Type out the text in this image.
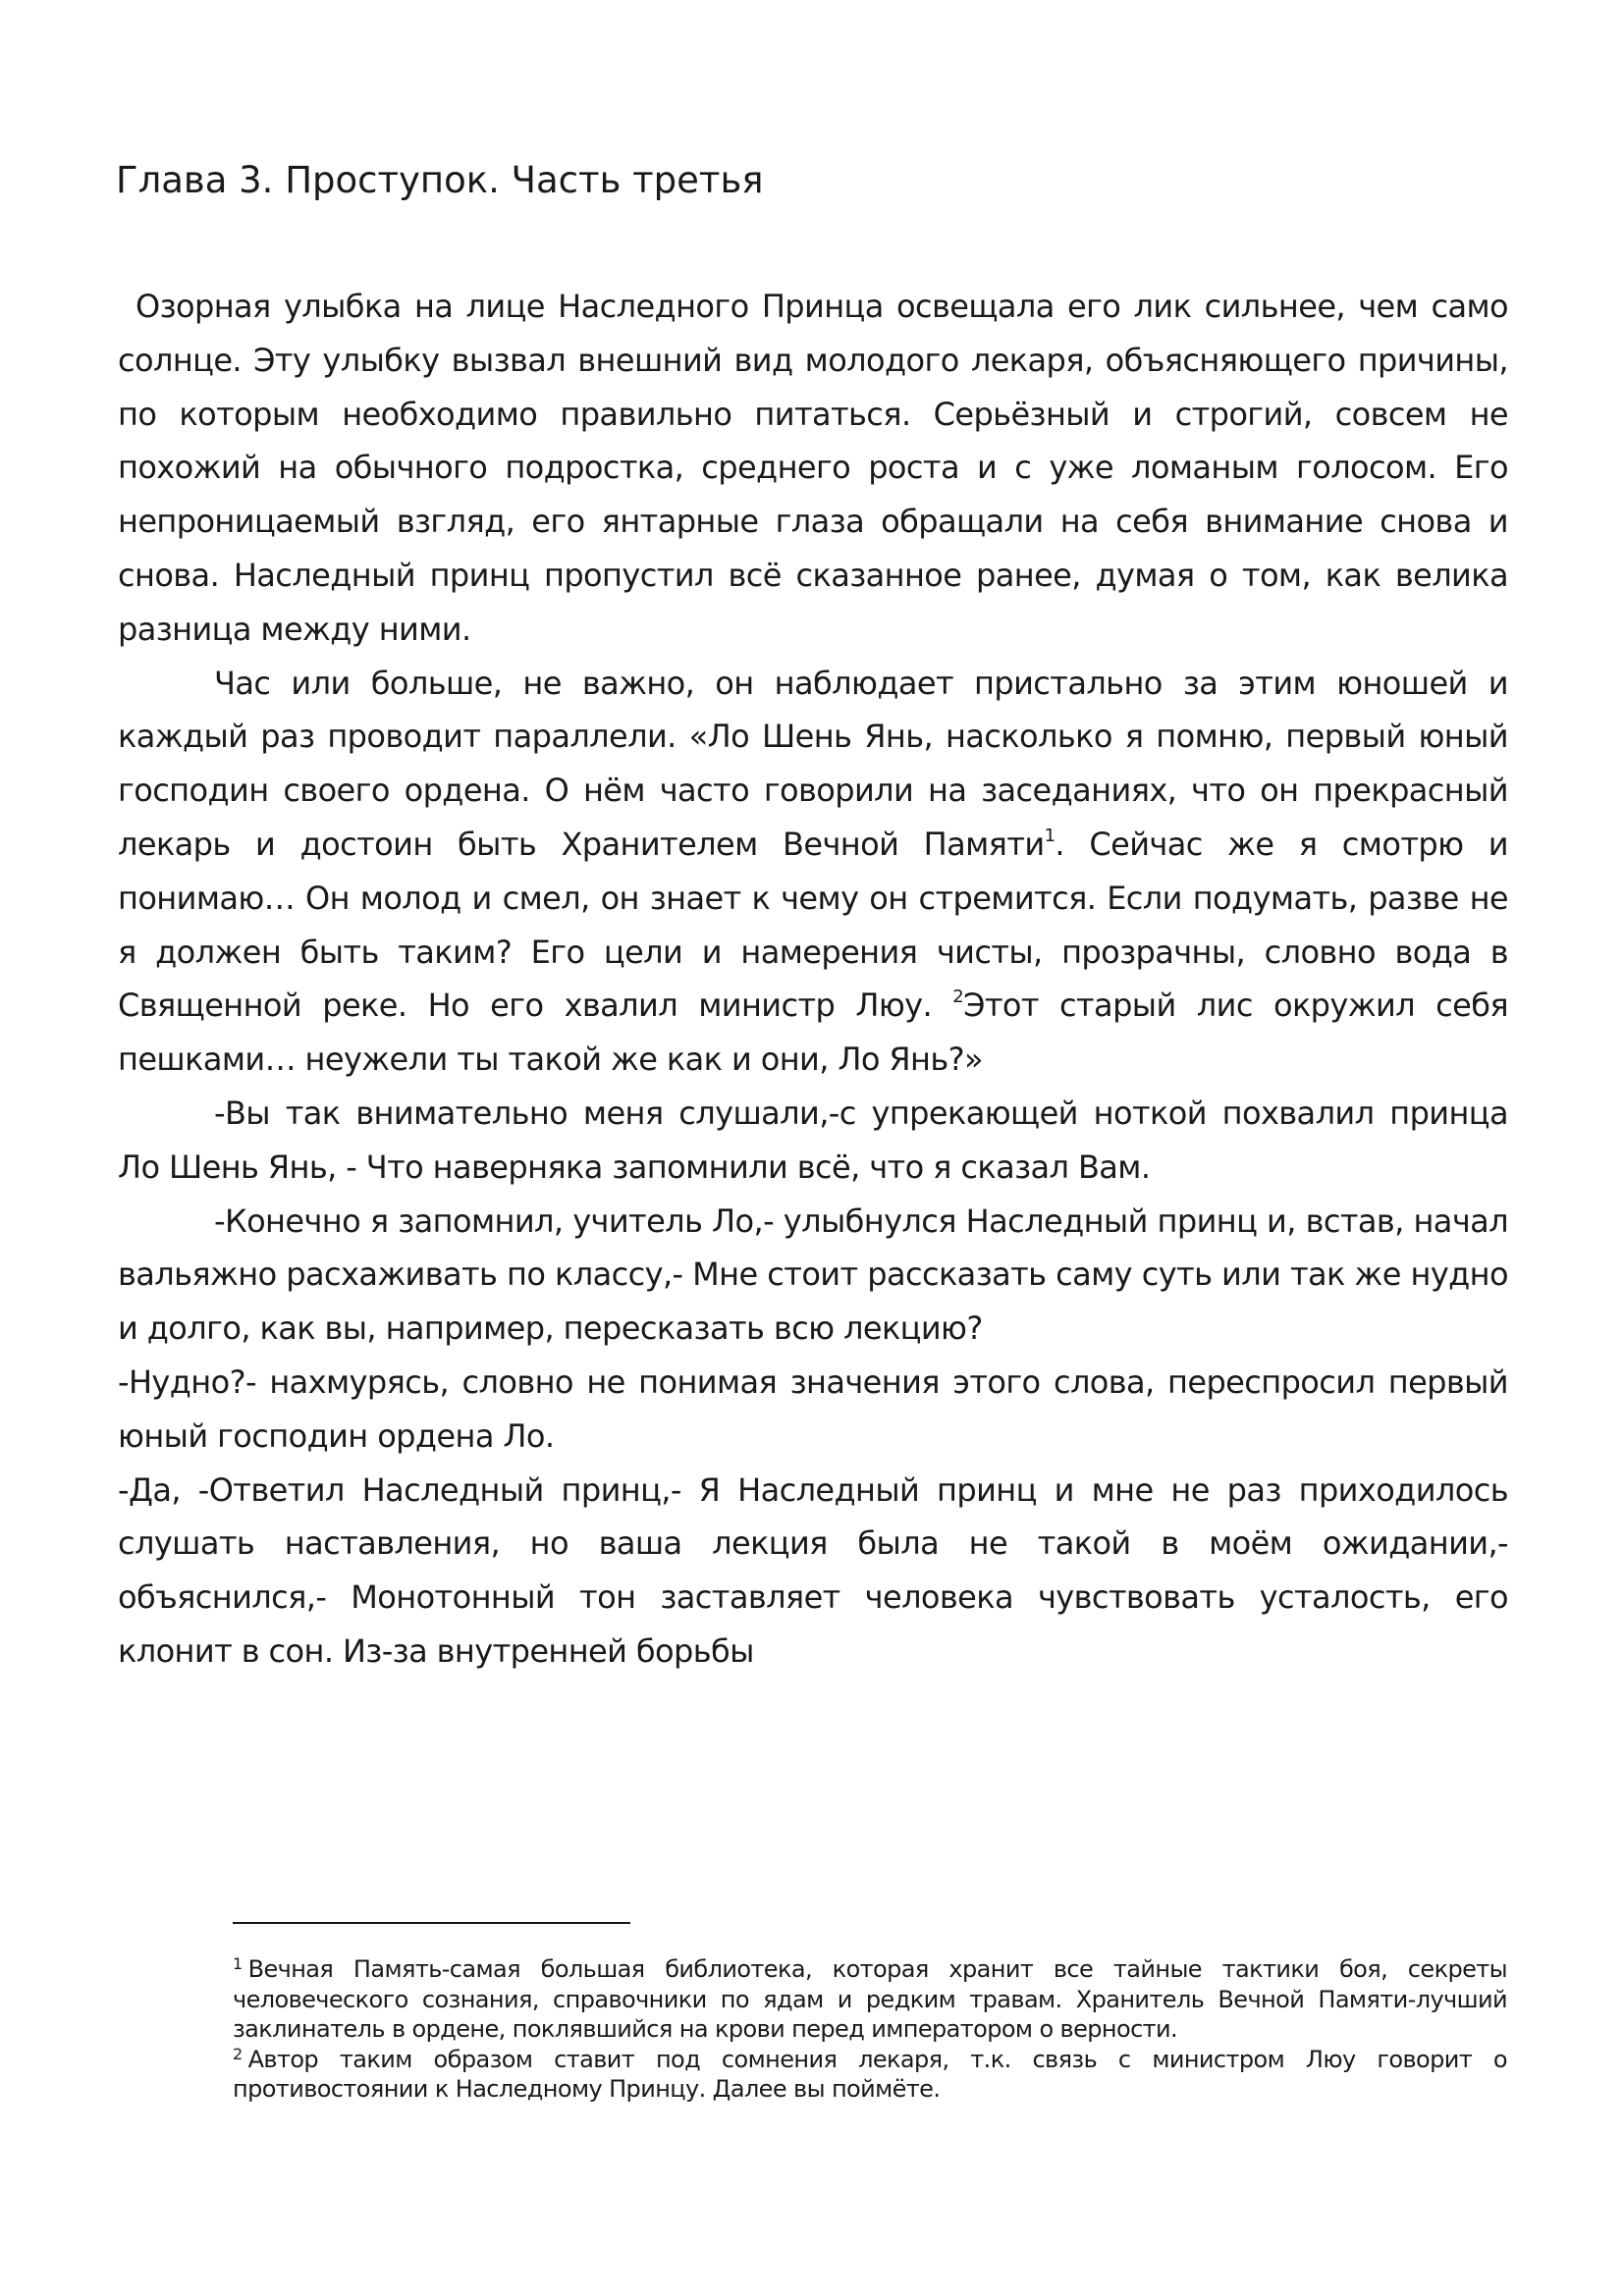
Глава 3. Проступок. Часть третья

Озорная улыбка на лице Наследного Принца освещала его лик сильнее, чем само солнце. Эту улыбку вызвал внешний вид молодого лекаря, объясняющего причины, по которым необходимо правильно питаться. Серьёзный и строгий, совсем не похожий на обычного подростка, среднего роста и с уже ломаным голосом. Его непроницаемый взгляд, его янтарные глаза обращали на себя внимание снова и снова. Наследный принц пропустил всё сказанное ранее, думая о том, как велика разница между ними.

Час или больше, не важно, он наблюдает пристально за этим юношей и каждый раз проводит параллели. «Ло Шень Янь, насколько я помню, первый юный господин своего ордена. О нём часто говорили на заседаниях, что он прекрасный лекарь и достоин быть Хранителем Вечной Памяти$^1$. Сейчас же я смотрю и понимаю… Он молод и смел, он знает к чему он стремится. Если подумать, разве не я должен быть таким? Его цели и намерения чисты, прозрачны, словно вода в Священной реке. Но его хвалил министр Люу. $^2$Этот старый лис окружил себя пешками… неужели ты такой же как и они, Ло Янь?»

-Вы так внимательно меня слушали,-с упрекающей ноткой похвалил принца Ло Шень Янь, - Что наверняка запомнили всё, что я сказал Вам.

-Конечно я запомнил, учитель Ло,- улыбнулся Наследный принц и, встав, начал вальяжно расхаживать по классу,- Мне стоит рассказать саму суть или так же нудно и долго, как вы, например, пересказать всю лекцию?

-Нудно?- нахмурясь, словно не понимая значения этого слова, переспросил первый юный господин ордена Ло.

-Да, -Ответил Наследный принц,- Я Наследный принц и мне не раз приходилось слушать наставления, но ваша лекция была не такой в моём ожидании,- объяснился,- Монотонный тон заставляет человека чувствовать усталость, его клонит в сон. Из-за внутренней борьбы

$^1$ Вечная Память-самая большая библиотека, которая хранит все тайные тактики боя, секреты человеческого сознания, справочники по ядам и редким травам. Хранитель Вечной Памяти-лучший заклинатель в ордене, поклявшийся на крови перед императором о верности.

$^2$ Автор таким образом ставит под сомнения лекаря, т.к. связь с министром Люу говорит о противостоянии к Наследному Принцу. Далее вы поймёте.
